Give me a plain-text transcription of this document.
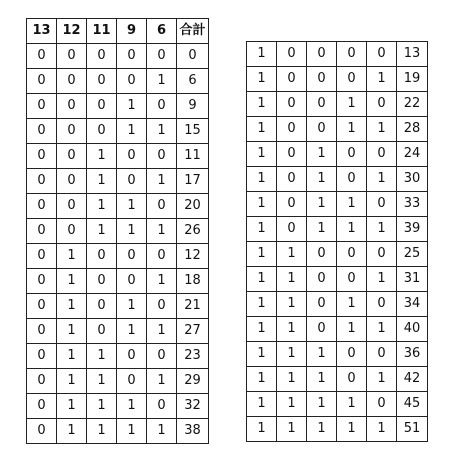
13	12	11	9	6	合計
0	0	0	0	0	0
0	0	0	0	1	6
0	0	0	1	0	9
0	0	0	1	1	15
0	0	1	0	0	11
0	0	1	0	1	17
0	0	1	1	0	20
0	0	1	1	1	26
0	1	0	0	0	12
0	1	0	0	1	18
0	1	0	1	0	21
0	1	0	1	1	27
0	1	1	0	0	23
0	1	1	0	1	29
0	1	1	1	0	32
0	1	1	1	1	38
1	0	0	0	0	13
1	0	0	0	1	19
1	0	0	1	0	22
1	0	0	1	1	28
1	0	1	0	0	24
1	0	1	0	1	30
1	0	1	1	0	33
1	0	1	1	1	39
1	1	0	0	0	25
1	1	0	0	1	31
1	1	0	1	0	34
1	1	0	1	1	40
1	1	1	0	0	36
1	1	1	0	1	42
1	1	1	1	0	45
1	1	1	1	1	51
